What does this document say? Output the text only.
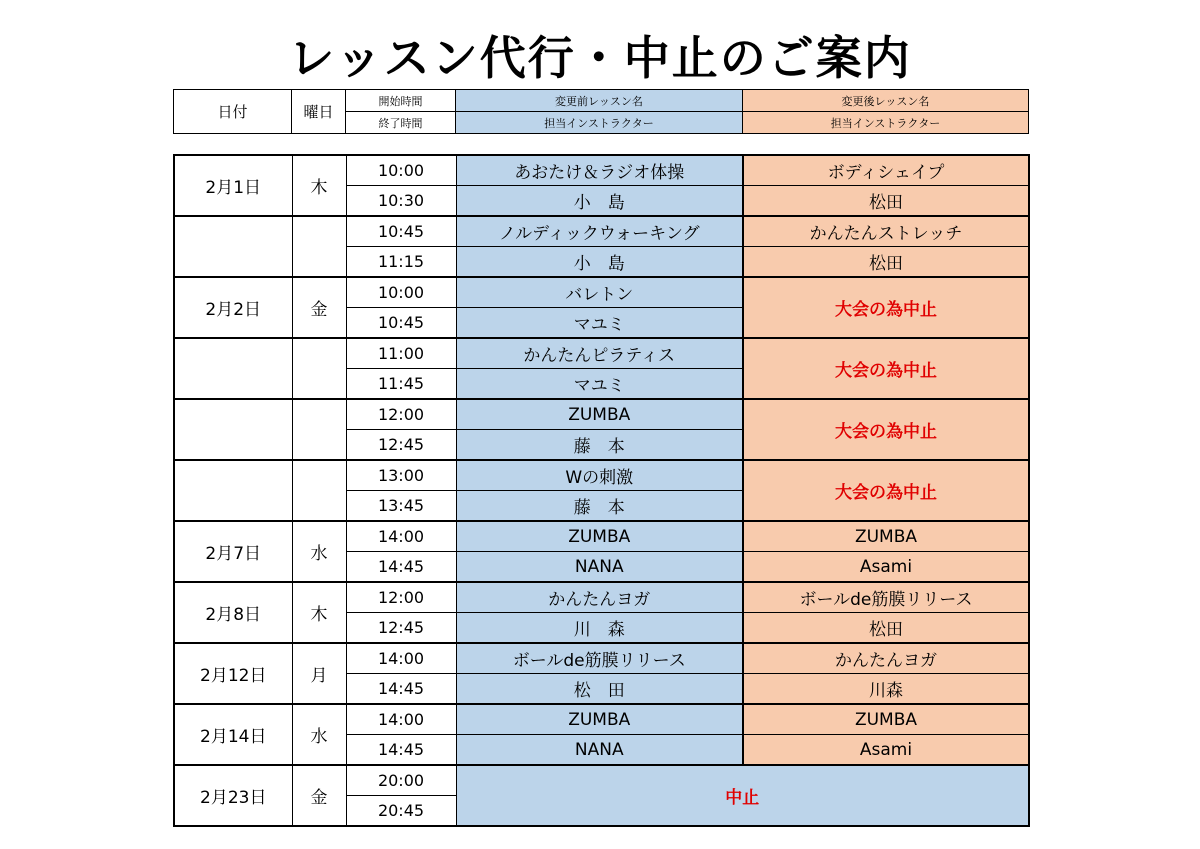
レッスン代行・中止のご案内
日付	曜日	開始時間	変更前レッスン名	変更後レッスン名
		終了時間	担当インストラクター	担当インストラクター
2月1日	木	10:00	あおたけ＆ラジオ体操	ボディシェイプ
		10:30	小　島	松田
		10:45	ノルディックウォーキング	かんたんストレッチ
		11:15	小　島	松田
2月2日	金	10:00	バレトン	大会の為中止
		10:45	マユミ	
		11:00	かんたんピラティス	大会の為中止
		11:45	マユミ	
		12:00	ZUMBA	大会の為中止
		12:45	藤　本	
		13:00	Wの刺激	大会の為中止
		13:45	藤　本	
2月7日	水	14:00	ZUMBA	ZUMBA
		14:45	NANA	Asami
2月8日	木	12:00	かんたんヨガ	ボールde筋膜リリース
		12:45	川　森	松田
2月12日	月	14:00	ボールde筋膜リリース	かんたんヨガ
		14:45	松　田	川森
2月14日	水	14:00	ZUMBA	ZUMBA
		14:45	NANA	Asami
2月23日	金	20:00	中止	
		20:45		
